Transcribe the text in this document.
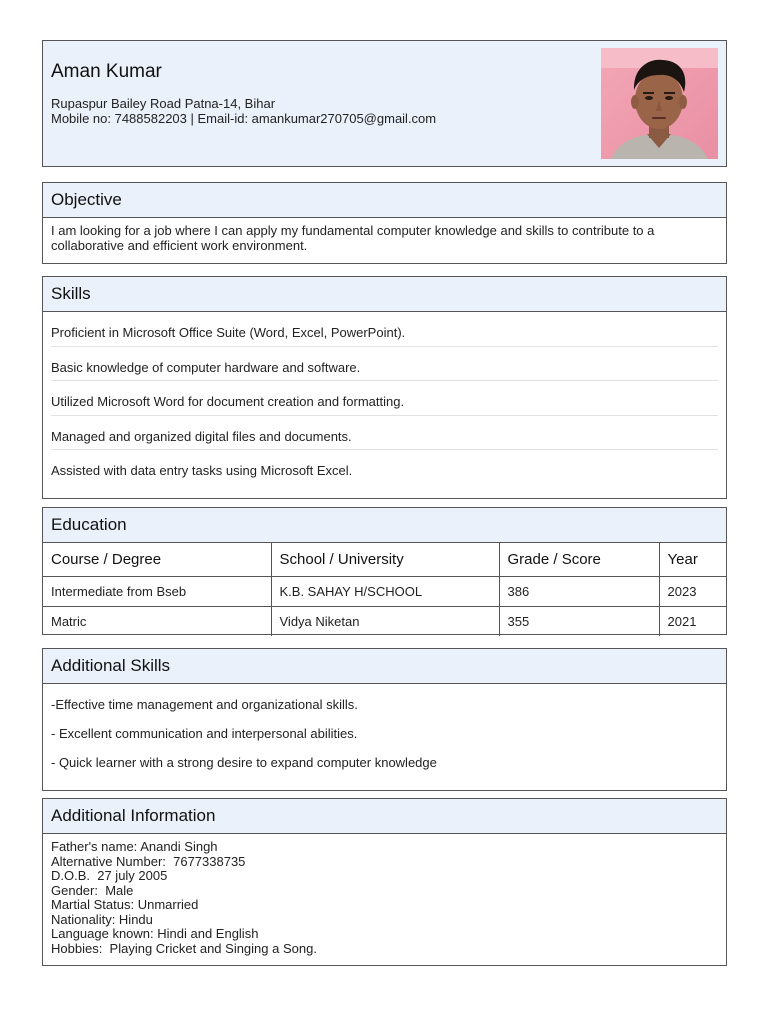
Aman Kumar
Rupaspur Bailey Road Patna-14, Bihar
Mobile no: 7488582203 | Email-id: amankumar270705@gmail.com
Objective
I am looking for a job where I can apply my fundamental computer knowledge and skills to contribute to a collaborative and efficient work environment.
Skills
Proficient in Microsoft Office Suite (Word, Excel, PowerPoint).
Basic knowledge of computer hardware and software.
Utilized Microsoft Word for document creation and formatting.
Managed and organized digital files and documents.
Assisted with data entry tasks using Microsoft Excel.
Education
Course / Degree	School / University	Grade / Score	Year
Intermediate from Bseb	K.B. SAHAY H/SCHOOL	386	2023
Matric	Vidya Niketan	355	2021
Additional Skills
-Effective time management and organizational skills.
- Excellent communication and interpersonal abilities.
- Quick learner with a strong desire to expand computer knowledge
Additional Information
Father's name: Anandi Singh
Alternative Number:  7677338735
D.O.B.  27 july 2005
Gender:  Male
Martial Status: Unmarried
Nationality: Hindu
Language known: Hindi and English
Hobbies:  Playing Cricket and Singing a Song.
